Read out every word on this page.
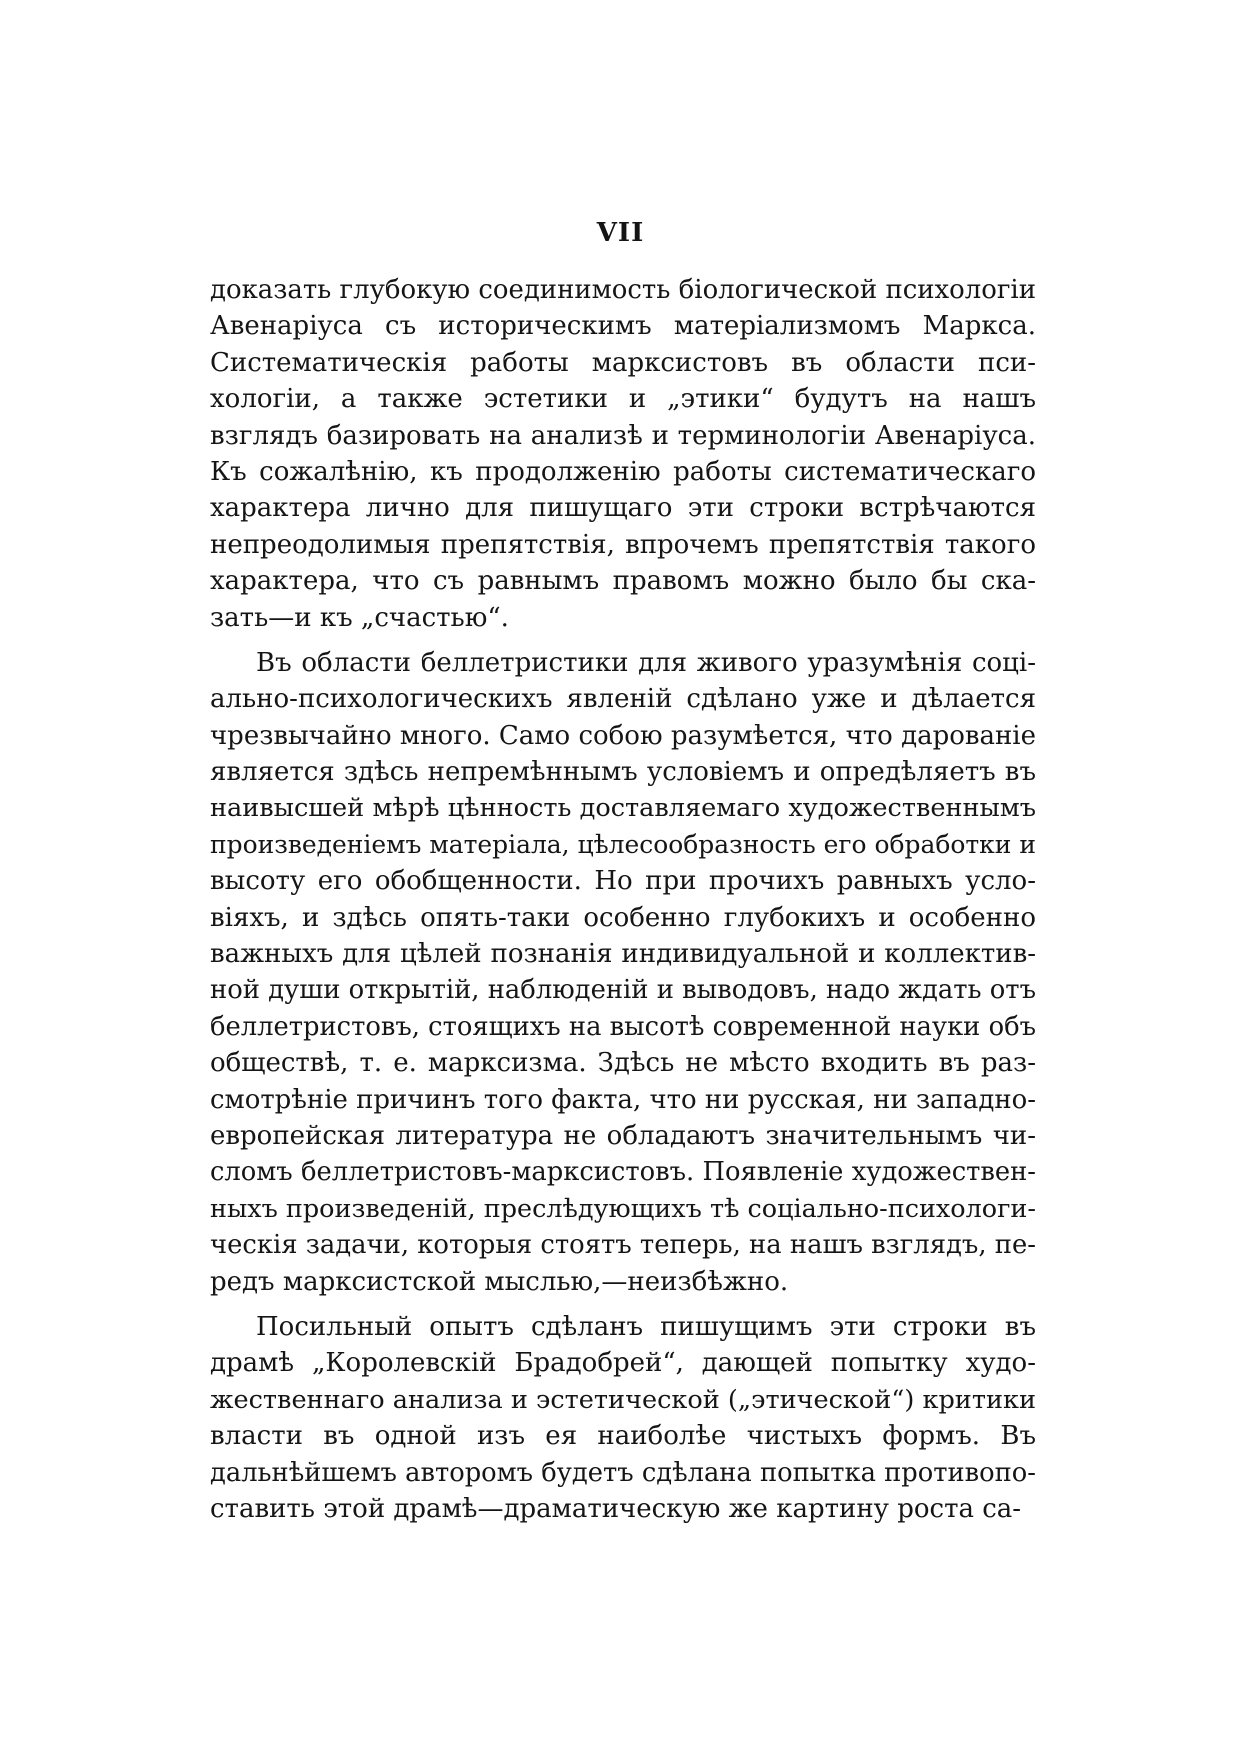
VII
доказать глубокую соединимость біологической психологіи
Авенаріуса съ историческимъ матеріализмомъ Маркса.
Систематическія работы марксистовъ въ области пси-
хологіи, а также эстетики и „этики“ будутъ на нашъ
взглядъ базировать на анализѣ и терминологіи Авенаріуса.
Къ сожалѣнію, къ продолженію работы систематическаго
характера лично для пишущаго эти строки встрѣчаются
непреодолимыя препятствія, впрочемъ препятствія такого
характера, что съ равнымъ правомъ можно было бы ска-
зать—и къ „счастью“.
Въ области беллетристики для живого уразумѣнія соці-
ально-психологическихъ явленій сдѣлано уже и дѣлается
чрезвычайно много. Само собою разумѣется, что дарованіе
является здѣсь непремѣннымъ условіемъ и опредѣляетъ въ
наивысшей мѣрѣ цѣнность доставляемаго художественнымъ
произведеніемъ матеріала, цѣлесообразность его обработки и
высоту его обобщенности. Но при прочихъ равныхъ усло-
віяхъ, и здѣсь опять-таки особенно глубокихъ и особенно
важныхъ для цѣлей познанія индивидуальной и коллектив-
ной души открытій, наблюденій и выводовъ, надо ждать отъ
беллетристовъ, стоящихъ на высотѣ современной науки объ
обществѣ, т. е. марксизма. Здѣсь не мѣсто входить въ раз-
смотрѣніе причинъ того факта, что ни русская, ни западно-
европейская литература не обладаютъ значительнымъ чи-
сломъ беллетристовъ-марксистовъ. Появленіе художествен-
ныхъ произведеній, преслѣдующихъ тѣ соціально-психологи-
ческія задачи, которыя стоятъ теперь, на нашъ взглядъ, пе-
редъ марксистской мыслью,—неизбѣжно.
Посильный опытъ сдѣланъ пишущимъ эти строки въ
драмѣ „Королевскій Брадобрей“, дающей попытку худо-
жественнаго анализа и эстетической („этической“) критики
власти въ одной изъ ея наиболѣе чистыхъ формъ. Въ
дальнѣйшемъ авторомъ будетъ сдѣлана попытка противопо-
ставить этой драмѣ—драматическую же картину роста са-
